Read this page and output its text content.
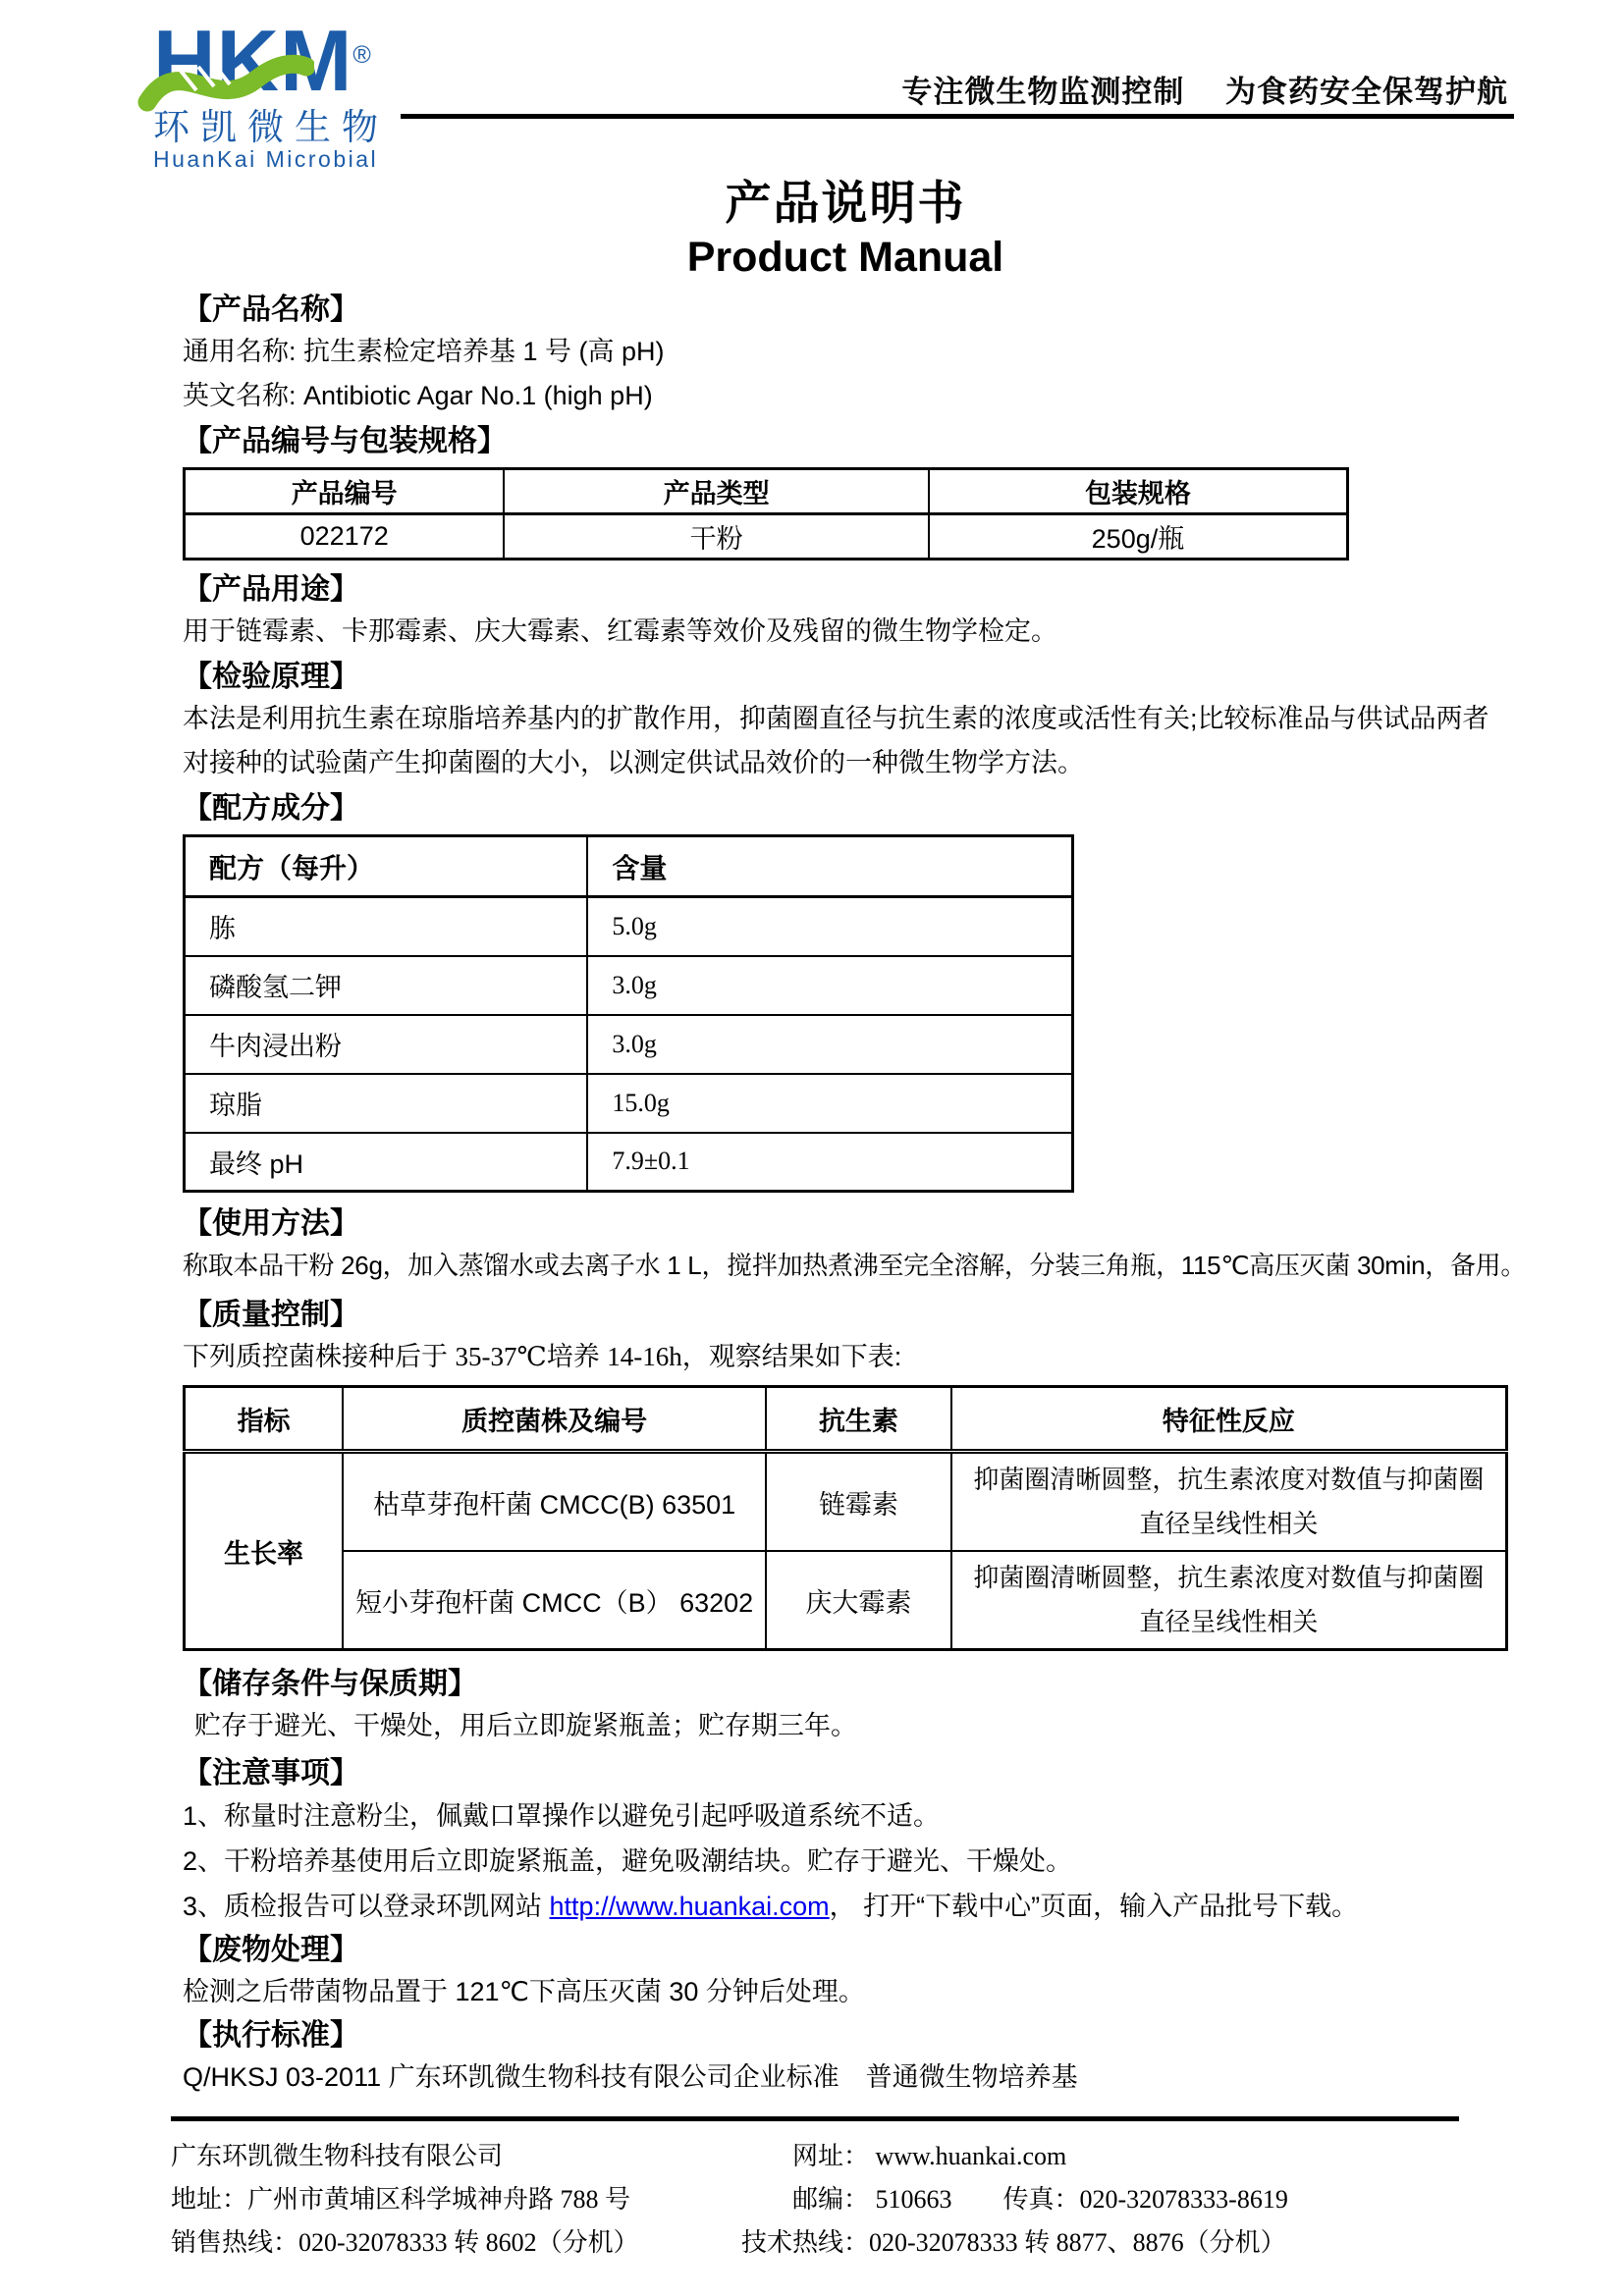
HKM®
环凯微生物
HuanKai Microbial
专注微生物监测控制　 为食药安全保驾护航
产品说明书
Product Manual
【产品名称】
通用名称: 抗生素检定培养基 1 号 (高 pH)
英文名称: Antibiotic Agar No.1 (high pH)
【产品编号与包装规格】
产品编号	产品类型	包装规格
022172	干粉	250g/瓶
【产品用途】
用于链霉素、卡那霉素、庆大霉素、红霉素等效价及残留的微生物学检定。
【检验原理】
本法是利用抗生素在琼脂培养基内的扩散作用，抑菌圈直径与抗生素的浓度或活性有关;比较标准品与供试品两者对接种的试验菌产生抑菌圈的大小，以测定供试品效价的一种微生物学方法。
【配方成分】
配方（每升）	含量
胨	5.0g
磷酸氢二钾	3.0g
牛肉浸出粉	3.0g
琼脂	15.0g
最终 pH	7.9±0.1
【使用方法】
称取本品干粉 26g，加入蒸馏水或去离子水 1 L，搅拌加热煮沸至完全溶解，分装三角瓶，115℃高压灭菌 30min，备用。
【质量控制】
下列质控菌株接种后于 35-37℃培养 14-16h，观察结果如下表:
指标	质控菌株及编号	抗生素	特征性反应
生长率	枯草芽孢杆菌 CMCC(B) 63501	链霉素	抑菌圈清晰圆整，抗生素浓度对数值与抑菌圈直径呈线性相关
	短小芽孢杆菌 CMCC（B） 63202	庆大霉素	抑菌圈清晰圆整，抗生素浓度对数值与抑菌圈直径呈线性相关
【储存条件与保质期】
贮存于避光、干燥处，用后立即旋紧瓶盖；贮存期三年。
【注意事项】
1、称量时注意粉尘，佩戴口罩操作以避免引起呼吸道系统不适。
2、干粉培养基使用后立即旋紧瓶盖，避免吸潮结块。贮存于避光、干燥处。
3、质检报告可以登录环凯网站 http://www.huankai.com， 打开“下载中心”页面，输入产品批号下载。
【废物处理】
检测之后带菌物品置于 121℃下高压灭菌 30 分钟后处理。
【执行标准】
Q/HKSJ 03-2011 广东环凯微生物科技有限公司企业标准　普通微生物培养基
广东环凯微生物科技有限公司
地址：广州市黄埔区科学城神舟路 788 号
销售热线：020-32078333 转 8602（分机）
网址： www.huankai.com
邮编： 510663　　传真：020-32078333-8619
技术热线：020-32078333 转 8877、8876（分机）
